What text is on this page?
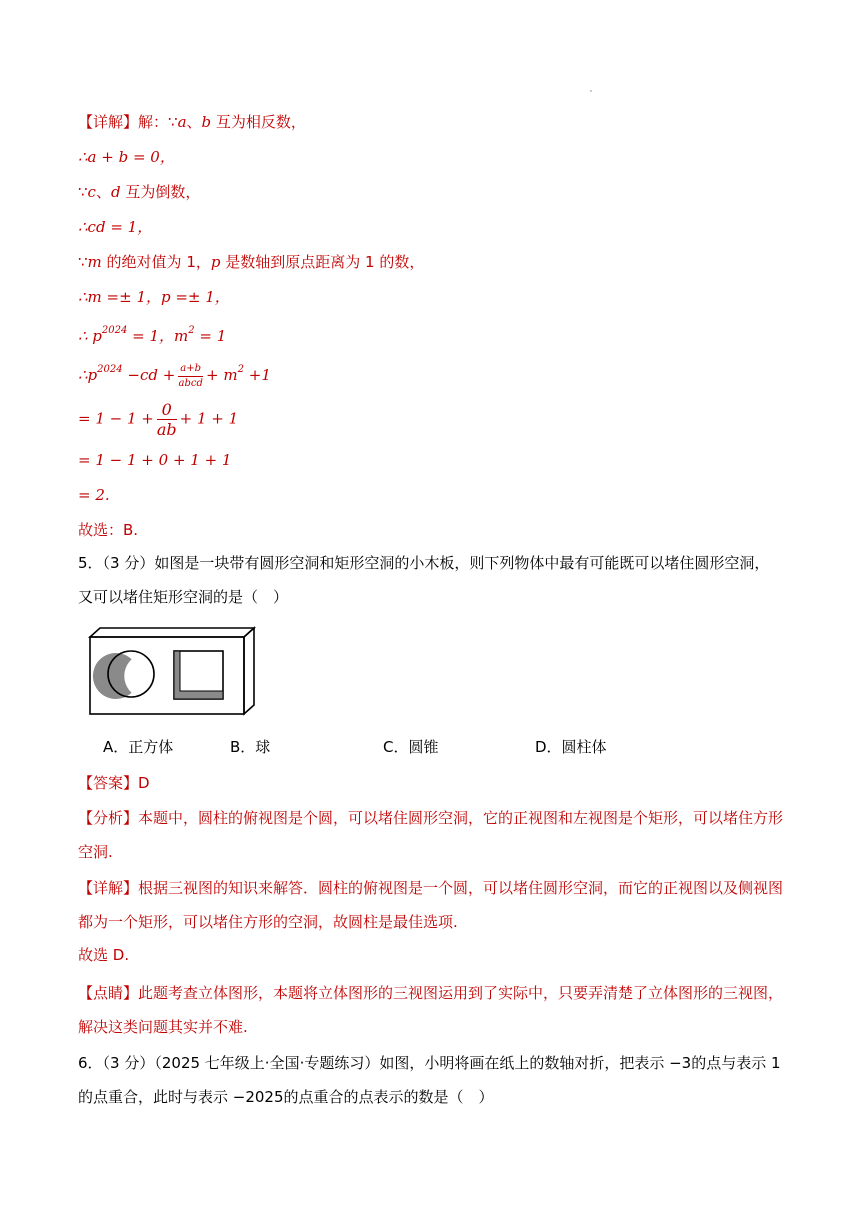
【详解】解：∵a、b 互为相反数，
∴a + b = 0，
∵c、d 互为倒数，
∴cd = 1，
∵m 的绝对值为 1，p 是数轴到原点距离为 1 的数，
∴m =± 1，p =± 1，
∴ $p^{2024} = 1$，$m^2 = 1$
$\therefore p^{2024} -cd + \frac{a+b}{\text{abcd}} + m^2 +1$
= $1 - 1 + \frac{0}{ab} + 1 + 1$
= 1 − 1 + 0 + 1 + 1
= 2.
故选：B.
5．（3 分）如图是一块带有圆形空洞和矩形空洞的小木板，则下列物体中最有可能既可以堵住圆形空洞，
又可以堵住矩形空洞的是（　）
A．正方体	B．球	C．圆锥	D．圆柱体
【答案】D
【分析】本题中，圆柱的俯视图是个圆，可以堵住圆形空洞，它的正视图和左视图是个矩形，可以堵住方形空洞.
【详解】根据三视图的知识来解答．圆柱的俯视图是一个圆，可以堵住圆形空洞，而它的正视图以及侧视图都为一个矩形，可以堵住方形的空洞，故圆柱是最佳选项.
故选 D.
【点睛】此题考查立体图形，本题将立体图形的三视图运用到了实际中，只要弄清楚了立体图形的三视图，解决这类问题其实并不难.
6．（3 分）（2025 七年级上·全国·专题练习）如图，小明将画在纸上的数轴对折，把表示 −3的点与表示 1的点重合，此时与表示 −2025的点重合的点表示的数是（　）
